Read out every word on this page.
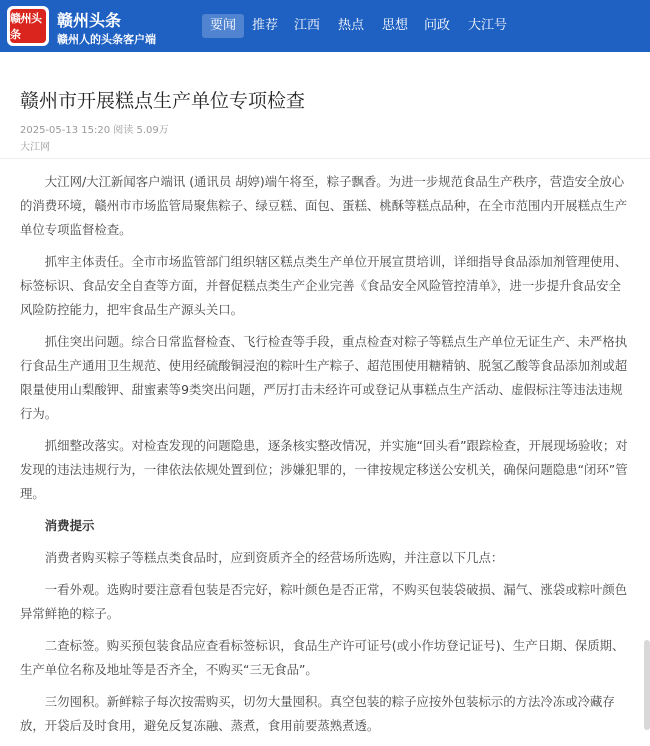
赣州头条
赣州头条
赣州人的头条客户端
要闻	推荐	江西	热点	思想	问政	大江号
赣州市开展糕点生产单位专项检查
2025-05-13 15:20 阅读 5.09万
大江网

大江网/大江新闻客户端讯 (通讯员 胡婷)端午将至，粽子飘香。为进一步规范食品生产秩序，营造安全放心的消费环境，赣州市市场监管局聚焦粽子、绿豆糕、面包、蛋糕、桃酥等糕点品种，在全市范围内开展糕点生产单位专项监督检查。

抓牢主体责任。全市市场监管部门组织辖区糕点类生产单位开展宣贯培训，详细指导食品添加剂管理使用、标签标识、食品安全自查等方面，并督促糕点类生产企业完善《食品安全风险管控清单》，进一步提升食品安全风险防控能力，把牢食品生产源头关口。

抓住突出问题。综合日常监督检查、飞行检查等手段，重点检查对粽子等糕点生产单位无证生产、未严格执行食品生产通用卫生规范、使用经硫酸铜浸泡的粽叶生产粽子、超范围使用糖精钠、脱氢乙酸等食品添加剂或超限量使用山梨酸钾、甜蜜素等9类突出问题，严厉打击未经许可或登记从事糕点生产活动、虚假标注等违法违规行为。

抓细整改落实。对检查发现的问题隐患，逐条核实整改情况，并实施“回头看”跟踪检查，开展现场验收；对发现的违法违规行为，一律依法依规处置到位；涉嫌犯罪的，一律按规定移送公安机关，确保问题隐患“闭环”管理。

消费提示

消费者购买粽子等糕点类食品时，应到资质齐全的经营场所选购，并注意以下几点：

一看外观。选购时要注意看包装是否完好，粽叶颜色是否正常，不购买包装袋破损、漏气、涨袋或粽叶颜色异常鲜艳的粽子。

二查标签。购买预包装食品应查看标签标识，食品生产许可证号(或小作坊登记证号)、生产日期、保质期、生产单位名称及地址等是否齐全，不购买“三无食品”。

三勿囤积。新鲜粽子每次按需购买，切勿大量囤积。真空包装的粽子应按外包装标示的方法冷冻或冷藏存放，开袋后及时食用，避免反复冻融、蒸煮，食用前要蒸熟煮透。
